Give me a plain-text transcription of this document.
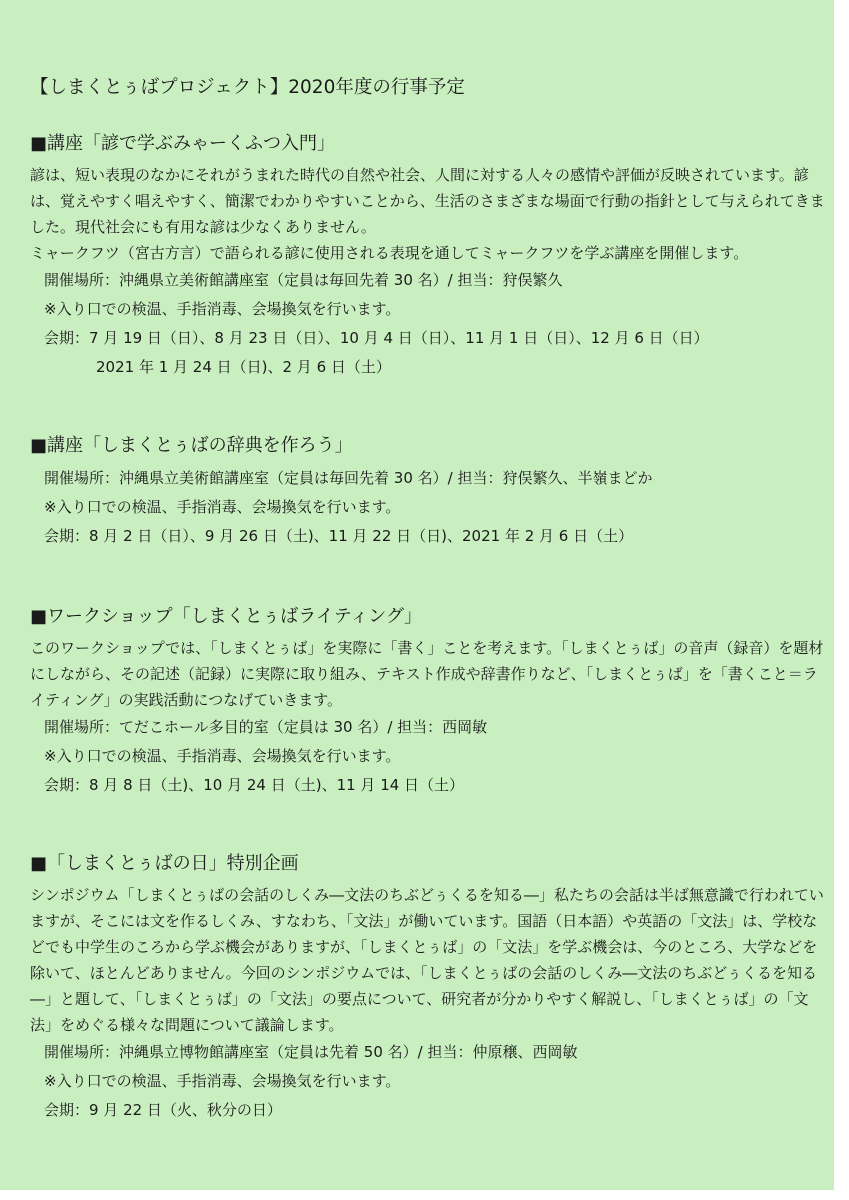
【しまくとぅばプロジェクト】2020年度の行事予定
■講座「諺で学ぶみゃーくふつ入門」

諺は、短い表現のなかにそれがうまれた時代の自然や社会、人間に対する人々の感情や評価が反映されています。諺は、覚えやすく唱えやすく、簡潔でわかりやすいことから、生活のさまざまな場面で行動の指針として与えられてきました。現代社会にも有用な諺は少なくありません。

ミャークフツ（宮古方言）で語られる諺に使用される表現を通してミャークフツを学ぶ講座を開催します。

開催場所：沖縄県立美術館講座室（定員は毎回先着 30 名）/ 担当：狩俣繁久

※入り口での検温、手指消毒、会場換気を行います。

会期：7 月 19 日（日）、8 月 23 日（日）、10 月 4 日（日）、11 月 1 日（日）、12 月 6 日（日）

2021 年 1 月 24 日（日)、2 月 6 日（土）

■講座「しまくとぅばの辞典を作ろう」

開催場所：沖縄県立美術館講座室（定員は毎回先着 30 名）/ 担当：狩俣繁久、半嶺まどか

※入り口での検温、手指消毒、会場換気を行います。

会期：8 月 2 日（日）、9 月 26 日（土)、11 月 22 日（日)、2021 年 2 月 6 日（土）

■ワークショップ「しまくとぅばライティング」

このワークショップでは、「しまくとぅば」を実際に「書く」ことを考えます。「しまくとぅば」の音声（録音）を題材にしながら、その記述（記録）に実際に取り組み、テキスト作成や辞書作りなど、「しまくとぅば」を「書くこと＝ライティング」の実践活動につなげていきます。

開催場所：てだこホール多目的室（定員は 30 名）/ 担当：西岡敏

※入り口での検温、手指消毒、会場換気を行います。

会期：8 月 8 日（土)、10 月 24 日（土)、11 月 14 日（土）

■「しまくとぅばの日」特別企画

シンポジウム「しまくとぅばの会話のしくみ―文法のちぶどぅくるを知る―」私たちの会話は半ば無意識で行われていますが、そこには文を作るしくみ、すなわち、「文法」が働いています。国語（日本語）や英語の「文法」は、学校などでも中学生のころから学ぶ機会がありますが、「しまくとぅば」の「文法」を学ぶ機会は、今のところ、大学などを除いて、ほとんどありません。今回のシンポジウムでは、「しまくとぅばの会話のしくみ―文法のちぶどぅくるを知る―」と題して、「しまくとぅば」の「文法」の要点について、研究者が分かりやすく解説し、「しまくとぅば」の「文法」をめぐる様々な問題について議論します。

開催場所：沖縄県立博物館講座室（定員は先着 50 名）/ 担当：仲原穣、西岡敏

※入り口での検温、手指消毒、会場換気を行います。

会期：9 月 22 日（火、秋分の日）
